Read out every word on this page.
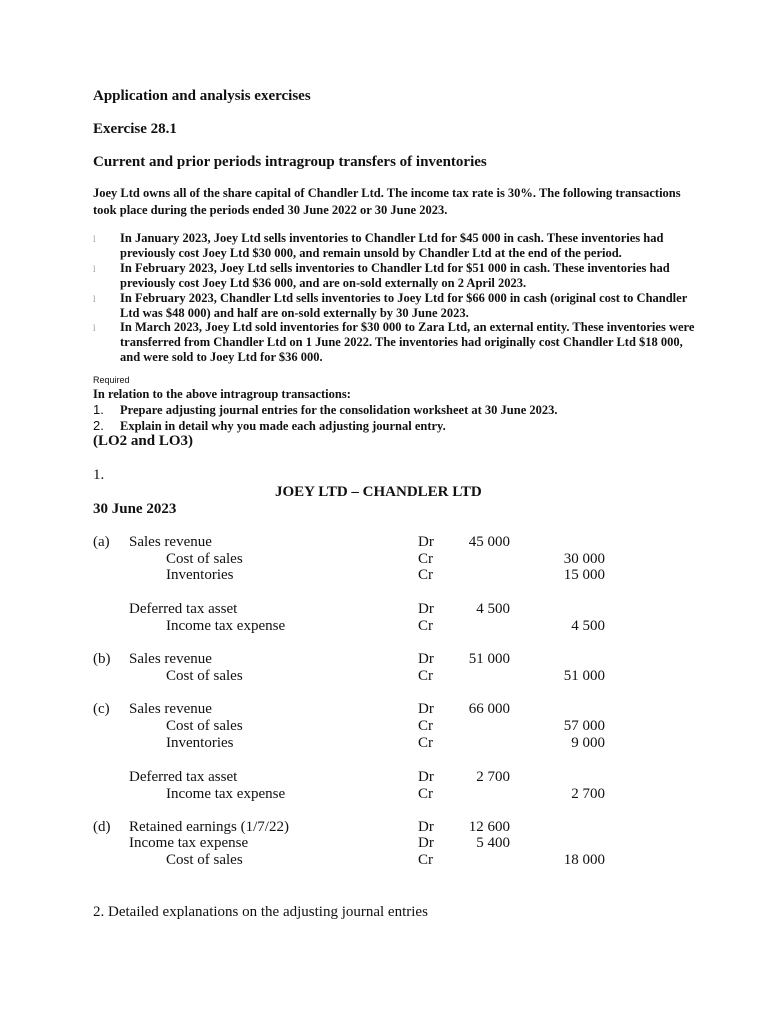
Application and analysis exercises
Exercise 28.1
Current and prior periods intragroup transfers of inventories
Joey Ltd owns all of the share capital of Chandler Ltd. The income tax rate is 30%. The following transactions
took place during the periods ended 30 June 2022 or 30 June 2023.
l In January 2023, Joey Ltd sells inventories to Chandler Ltd for $45 000 in cash. These inventories had
previously cost Joey Ltd $30 000, and remain unsold by Chandler Ltd at the end of the period.
l In February 2023, Joey Ltd sells inventories to Chandler Ltd for $51 000 in cash. These inventories had
previously cost Joey Ltd $36 000, and are on-sold externally on 2 April 2023.
l In February 2023, Chandler Ltd sells inventories to Joey Ltd for $66 000 in cash (original cost to Chandler
Ltd was $48 000) and half are on-sold externally by 30 June 2023.
l In March 2023, Joey Ltd sold inventories for $30 000 to Zara Ltd, an external entity. These inventories were
transferred from Chandler Ltd on 1 June 2022. The inventories had originally cost Chandler Ltd $18 000,
and were sold to Joey Ltd for $36 000.
Required
In relation to the above intragroup transactions:
1. Prepare adjusting journal entries for the consolidation worksheet at 30 June 2023.
2. Explain in detail why you made each adjusting journal entry.
(LO2 and LO3)
1.
JOEY LTD – CHANDLER LTD
30 June 2023
(a) Sales revenue	Dr	45 000
Cost of sales	Cr	30 000
Inventories	Cr	15 000
Deferred tax asset	Dr	4 500
Income tax expense	Cr	4 500
(b) Sales revenue	Dr	51 000
Cost of sales	Cr	51 000
(c) Sales revenue	Dr	66 000
Cost of sales	Cr	57 000
Inventories	Cr	9 000
Deferred tax asset	Dr	2 700
Income tax expense	Cr	2 700
(d) Retained earnings (1/7/22)	Dr	12 600
Income tax expense	Dr	5 400
Cost of sales	Cr	18 000
2. Detailed explanations on the adjusting journal entries
